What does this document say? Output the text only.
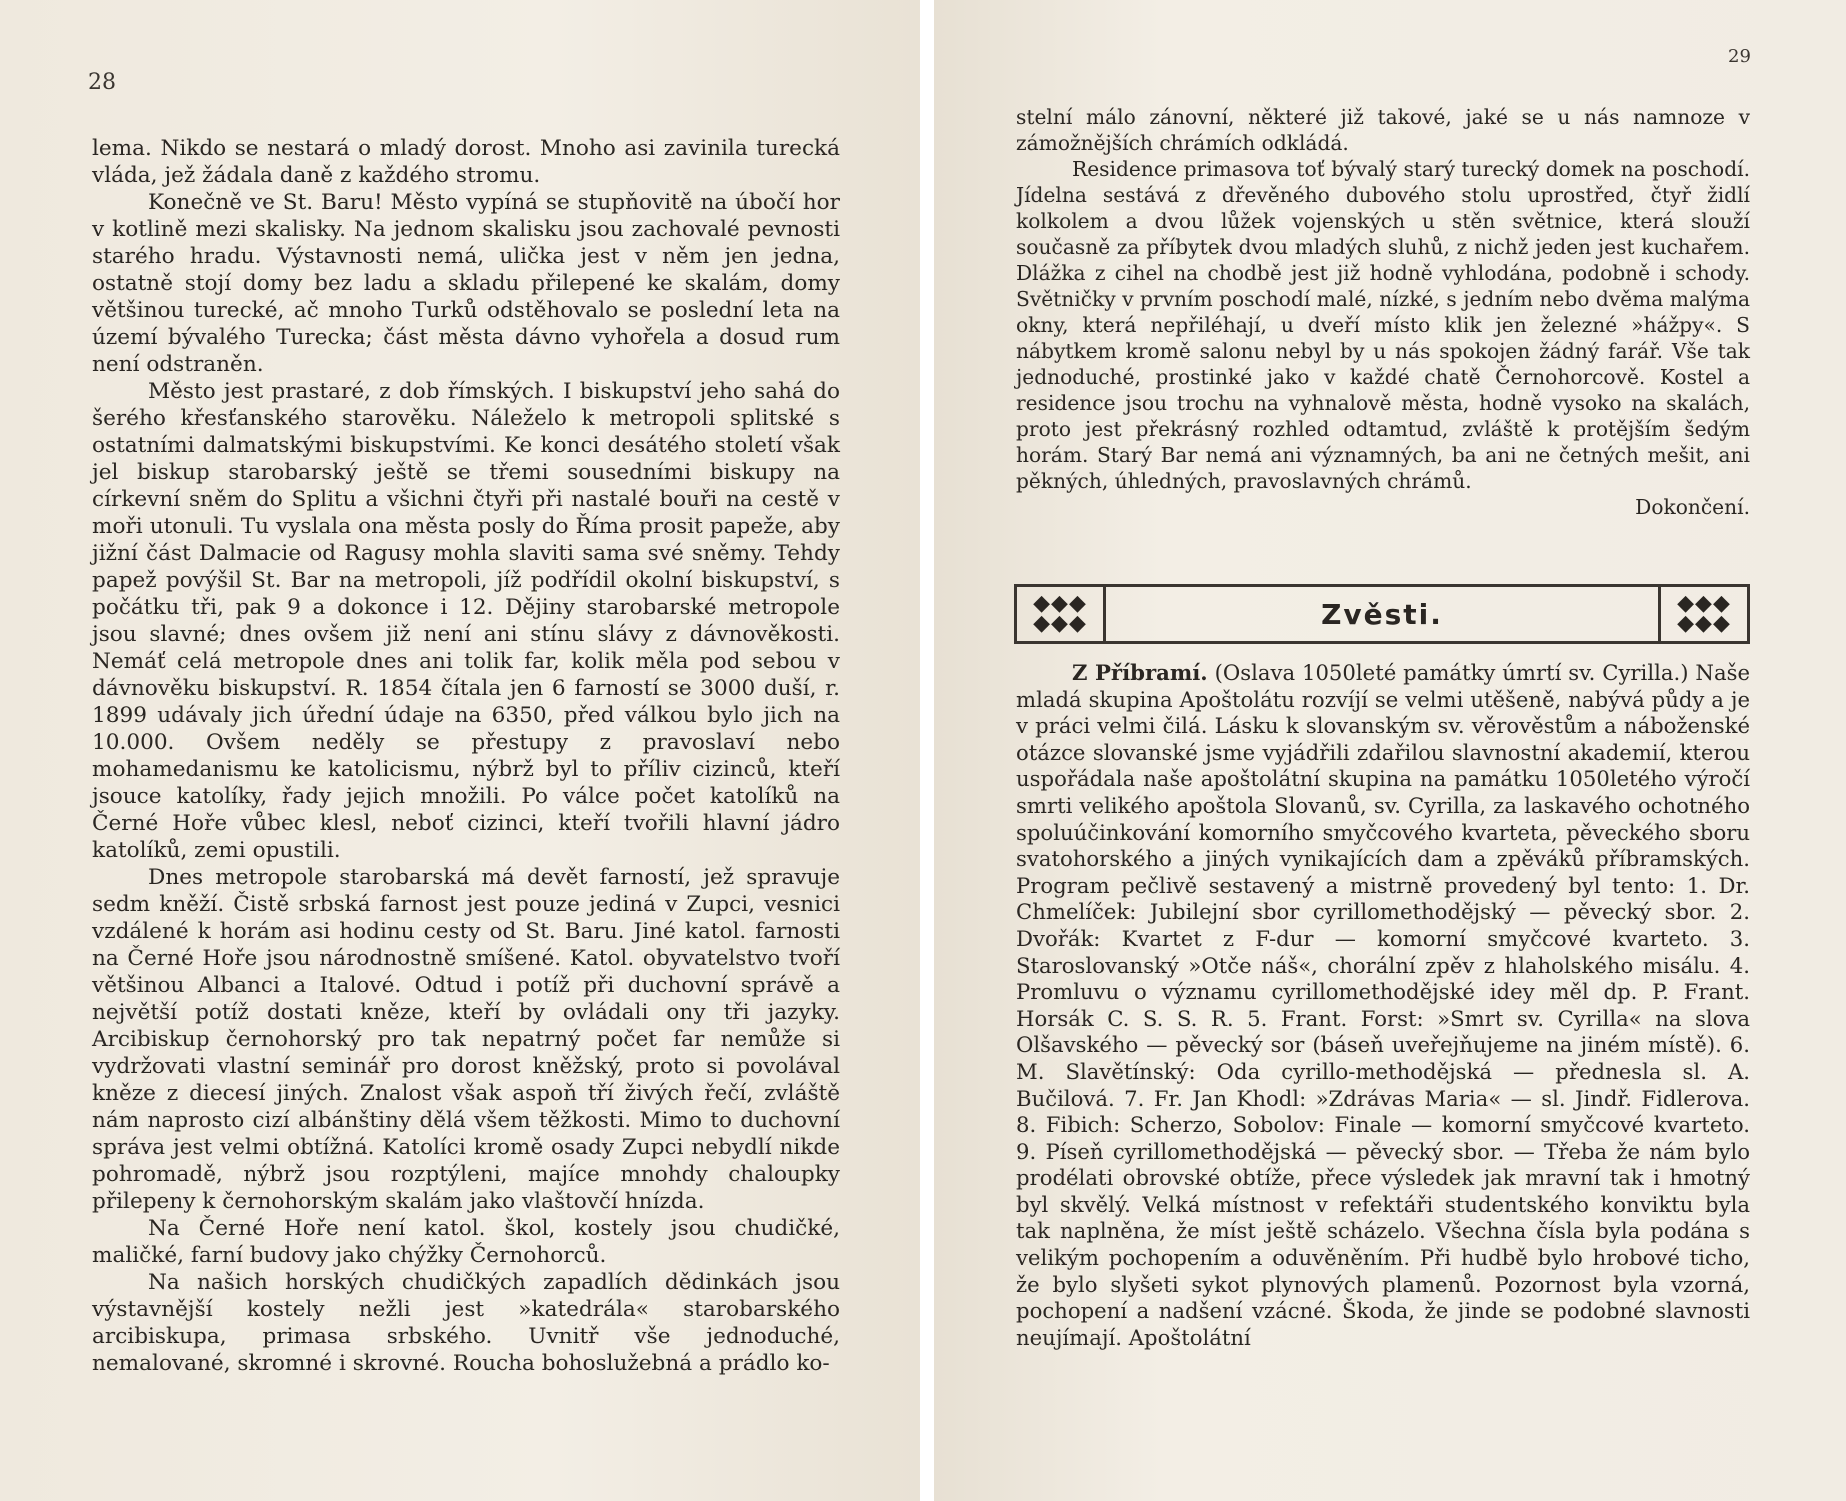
28

lema. Nikdo se nestará o mladý dorost. Mnoho asi zavinila turecká vláda, jež žádala daně z každého stromu.

Konečně ve St. Baru! Město vypíná se stupňovitě na úbočí hor v kotlině mezi skalisky. Na jednom skalisku jsou zachovalé pevnosti starého hradu. Výstavnosti nemá, ulička jest v něm jen jedna, ostatně stojí domy bez ladu a skladu přilepené ke skalám, domy většinou turecké, ač mnoho Turků odstěhovalo se poslední leta na území bývalého Turecka; část města dávno vyhořela a dosud rum není odstraněn.

Město jest prastaré, z dob římských. I biskupství jeho sahá do šerého křesťanského starověku. Náleželo k metropoli splitské s ostatními dalmatskými biskupstvími. Ke konci desátého století však jel biskup starobarský ještě se třemi sousedními biskupy na církevní sněm do Splitu a všichni čtyři při nastalé bouři na cestě v moři utonuli. Tu vyslala ona města posly do Říma prosit papeže, aby jižní část Dalmacie od Ragusy mohla slaviti sama své sněmy. Tehdy papež povýšil St. Bar na metropoli, jíž podřídil okolní biskupství, s počátku tři, pak 9 a dokonce i 12. Dějiny starobarské metropole jsou slavné; dnes ovšem již není ani stínu slávy z dávnověkosti. Nemáť celá metropole dnes ani tolik far, kolik měla pod sebou v dávnověku biskupství. R. 1854 čítala jen 6 farností se 3000 duší, r. 1899 udávaly jich úřední údaje na 6350, před válkou bylo jich na 10.000. Ovšem neděly se přestupy z pravoslaví nebo mohamedanismu ke katolicismu, nýbrž byl to příliv cizinců, kteří jsouce katolíky, řady jejich množili. Po válce počet katolíků na Černé Hoře vůbec klesl, neboť cizinci, kteří tvořili hlavní jádro katolíků, zemi opustili.

Dnes metropole starobarská má devět farností, jež spravuje sedm kněží. Čistě srbská farnost jest pouze jediná v Zupci, vesnici vzdálené k horám asi hodinu cesty od St. Baru. Jiné katol. farnosti na Černé Hoře jsou národnostně smíšené. Katol. obyvatelstvo tvoří většinou Albanci a Italové. Odtud i potíž při duchovní správě a největší potíž dostati kněze, kteří by ovládali ony tři jazyky. Arcibiskup černohorský pro tak nepatrný počet far nemůže si vydržovati vlastní seminář pro dorost kněžský, proto si povolával kněze z diecesí jiných. Znalost však aspoň tří živých řečí, zvláště nám naprosto cizí albánštiny dělá všem těžkosti. Mimo to duchovní správa jest velmi obtížná. Katolíci kromě osady Zupci nebydlí nikde pohromadě, nýbrž jsou rozptýleni, majíce mnohdy chaloupky přilepeny k černohorským skalám jako vlaštovčí hnízda.

Na Černé Hoře není katol. škol, kostely jsou chudičké, maličké, farní budovy jako chýžky Černohorců.

Na našich horských chudičkých zapadlích dědinkách jsou výstavnější kostely nežli jest »katedrála« starobarského arcibiskupa, primasa srbského. Uvnitř vše jednoduché, nemalované, skromné i skrovné. Roucha bohoslužebná a prádlo ko-

29

stelní málo zánovní, některé již takové, jaké se u nás namnoze v zámožnějších chrámích odkládá.

Residence primasova toť bývalý starý turecký domek na poschodí. Jídelna sestává z dřevěného dubového stolu uprostřed, čtyř židlí kolkolem a dvou lůžek vojenských u stěn světnice, která slouží současně za příbytek dvou mladých sluhů, z nichž jeden jest kuchařem. Dlážka z cihel na chodbě jest již hodně vyhlodána, podobně i schody. Světničky v prvním poschodí malé, nízké, s jedním nebo dvěma malýma okny, která nepřiléhají, u dveří místo klik jen železné »hážpy«. S nábytkem kromě salonu nebyl by u nás spokojen žádný farář. Vše tak jednoduché, prostinké jako v každé chatě Černohorcově. Kostel a residence jsou trochu na vyhnalově města, hodně vysoko na skalách, proto jest překrásný rozhled odtamtud, zvláště k protějším šedým horám. Starý Bar nemá ani významných, ba ani ne četných mešit, ani pěkných, úhledných, pravoslavných chrámů.

Dokončení.

◆◆◆ ◆◆◆	Zvěsti.	◆◆◆ ◆◆◆

Z Příbramí. (Oslava 1050leté památky úmrtí sv. Cyrilla.) Naše mladá skupina Apoštolátu rozvíjí se velmi utěšeně, nabývá půdy a je v práci velmi čilá. Lásku k slovanským sv. věrověstům a náboženské otázce slovanské jsme vyjádřili zdařilou slavnostní akademií, kterou uspořádala naše apoštolátní skupina na památku 1050letého výročí smrti velikého apoštola Slovanů, sv. Cyrilla, za laskavého ochotného spoluúčinkování komorního smyčcového kvarteta, pěveckého sboru svatohorského a jiných vynikajících dam a zpěváků příbramských. Program pečlivě sestavený a mistrně provedený byl tento: 1. Dr. Chmelíček: Jubilejní sbor cyrillomethodějský — pěvecký sbor. 2. Dvořák: Kvartet z F-dur — komorní smyčcové kvarteto. 3. Staroslovanský »Otče náš«, chorální zpěv z hlaholského misálu. 4. Promluvu o významu cyrillomethodějské idey měl dp. P. Frant. Horsák C. S. S. R. 5. Frant. Forst: »Smrt sv. Cyrilla« na slova Olšavského — pěvecký sor (báseň uveřejňujeme na jiném místě). 6. M. Slavětínský: Oda cyrillo-methodějská — přednesla sl. A. Bučilová. 7. Fr. Jan Khodl: »Zdrávas Maria« — sl. Jindř. Fidlerova. 8. Fibich: Scherzo, Sobolov: Finale — komorní smyčcové kvarteto. 9. Píseň cyrillomethodějská — pěvecký sbor. — Třeba že nám bylo prodélati obrovské obtíže, přece výsledek jak mravní tak i hmotný byl skvělý. Velká místnost v refektáři studentského konviktu byla tak naplněna, že míst ještě scházelo. Všechna čísla byla podána s velikým pochopením a oduvěněním. Při hudbě bylo hrobové ticho, že bylo slyšeti sykot plynových plamenů. Pozornost byla vzorná, pochopení a nadšení vzácné. Škoda, že jinde se podobné slavnosti neujímají. Apoštolátní
